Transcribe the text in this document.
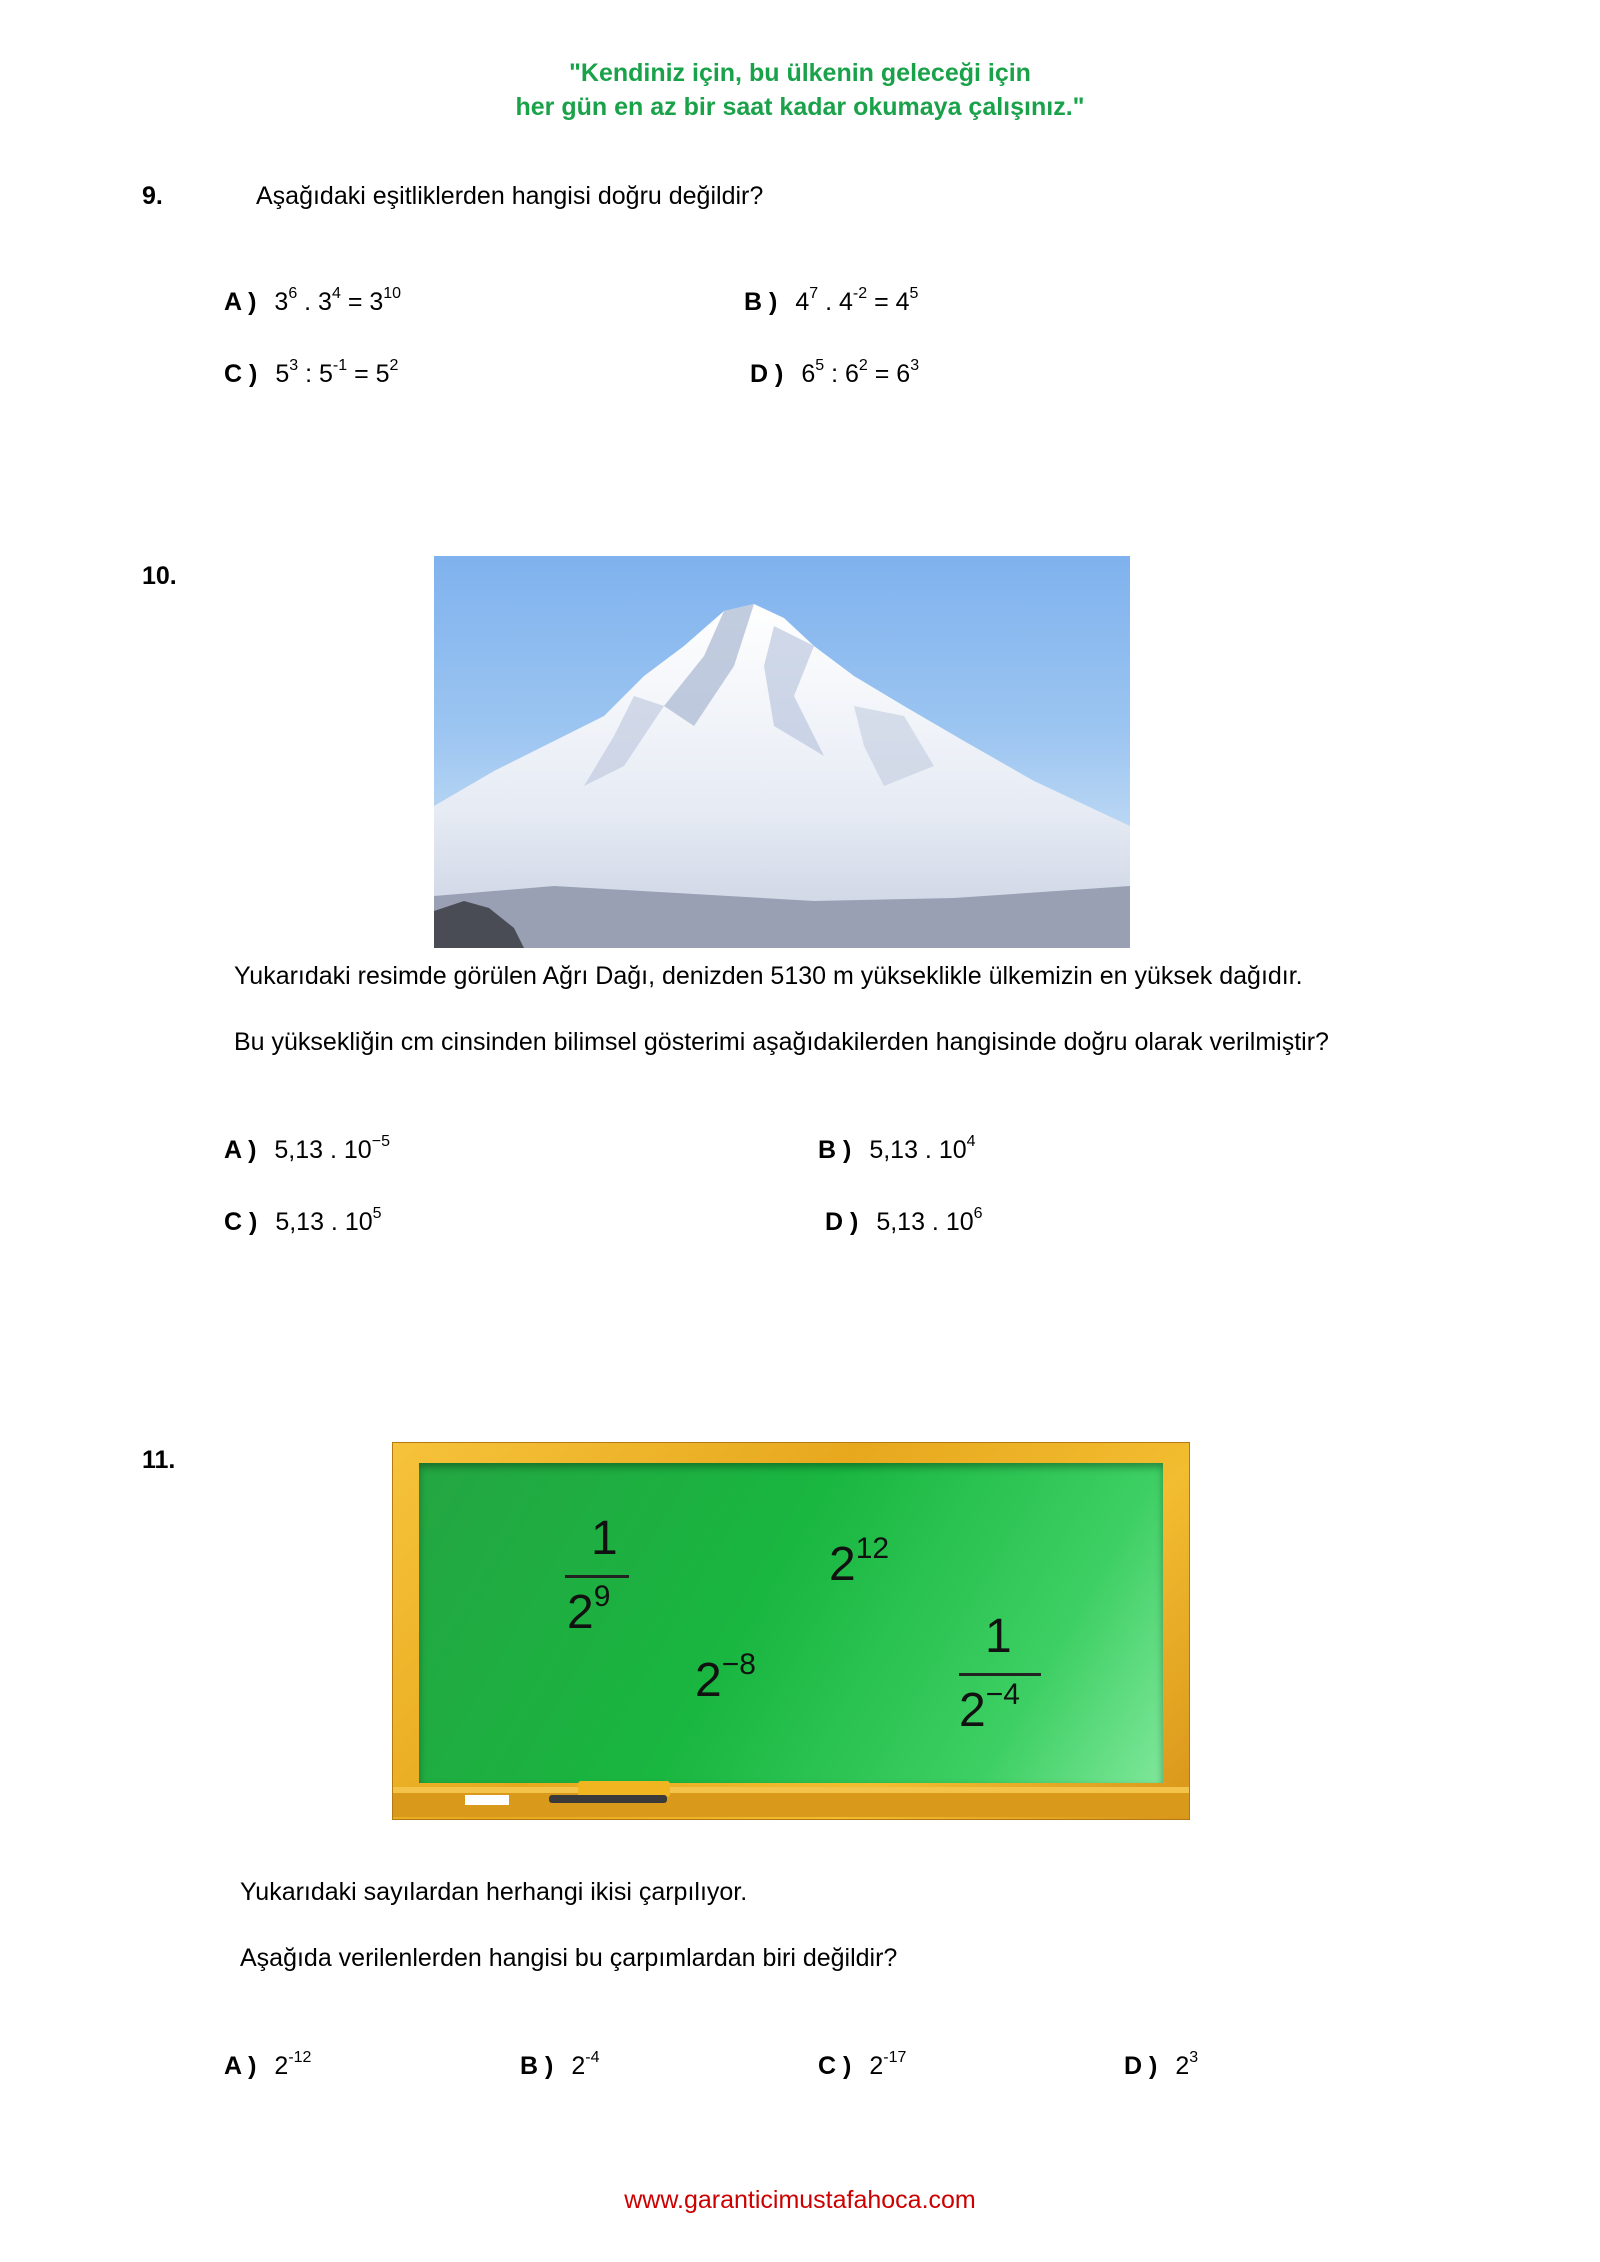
"Kendiniz için, bu ülkenin geleceği için
her gün en az bir saat kadar okumaya çalışınız."
9.	Aşağıdaki eşitliklerden hangisi doğru değildir?
A ) $3^6$ . $3^4 = 3^{10}$	B ) $4^7$ . $4^{-2} = 4^5$
C ) $5^3$ : $5^{-1} = 5^2$	D ) $6^5$ : $6^2 = 6^3$
10.
Yukarıdaki resimde görülen Ağrı Dağı, denizden 5130 m yükseklikle ülkemizin en yüksek dağıdır.
Bu yüksekliğin cm cinsinden bilimsel gösterimi aşağıdakilerden hangisinde doğru olarak verilmiştir?
A ) 5,13 . $10^{-5}$	B ) 5,13 . $10^4$
C ) 5,13 . $10^5$	D ) 5,13 . $10^6$
11.
1
$2^9$
$2^{12}$
$2^{-8}$
1
$2^{-4}$
Yukarıdaki sayılardan herhangi ikisi çarpılıyor.
Aşağıda verilenlerden hangisi bu çarpımlardan biri değildir?
A ) $2^{-12}$	B ) $2^{-4}$	C ) $2^{-17}$	D ) $2^3$
www.garanticimustafahoca.com
